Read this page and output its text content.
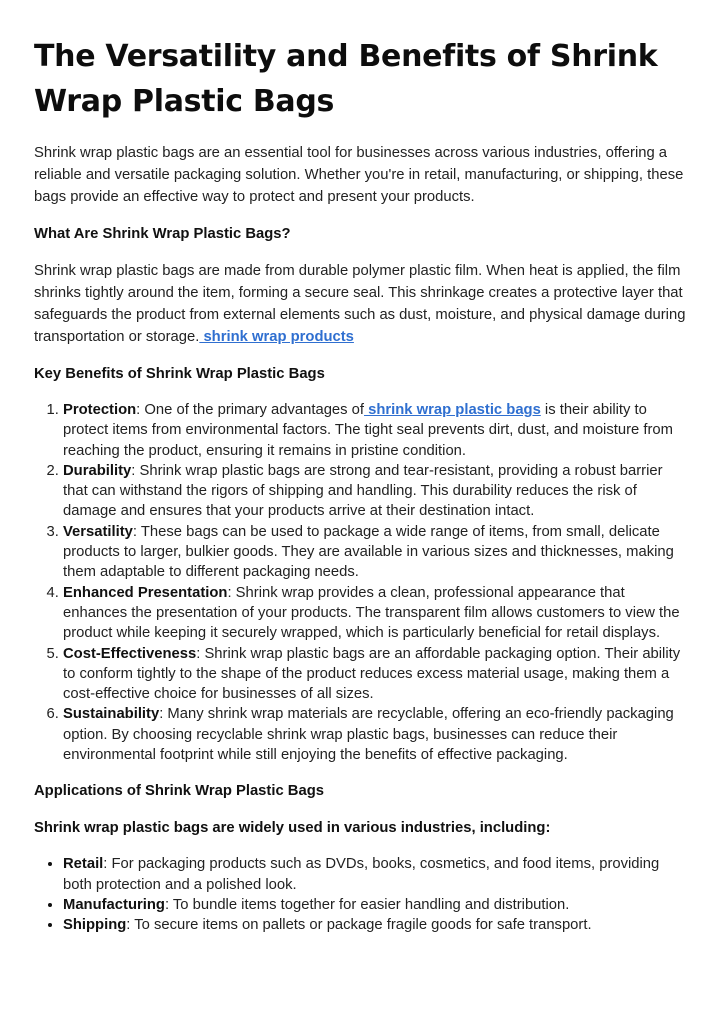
The Versatility and Benefits of Shrink Wrap Plastic Bags

Shrink wrap plastic bags are an essential tool for businesses across various industries, offering a reliable and versatile packaging solution. Whether you're in retail, manufacturing, or shipping, these bags provide an effective way to protect and present your products.

What Are Shrink Wrap Plastic Bags?

Shrink wrap plastic bags are made from durable polymer plastic film. When heat is applied, the film shrinks tightly around the item, forming a secure seal. This shrinkage creates a protective layer that safeguards the product from external elements such as dust, moisture, and physical damage during transportation or storage. shrink wrap products

Key Benefits of Shrink Wrap Plastic Bags
1. Protection: One of the primary advantages of shrink wrap plastic bags is their ability to protect items from environmental factors. The tight seal prevents dirt, dust, and moisture from reaching the product, ensuring it remains in pristine condition.
2. Durability: Shrink wrap plastic bags are strong and tear-resistant, providing a robust barrier that can withstand the rigors of shipping and handling. This durability reduces the risk of damage and ensures that your products arrive at their destination intact.
3. Versatility: These bags can be used to package a wide range of items, from small, delicate products to larger, bulkier goods. They are available in various sizes and thicknesses, making them adaptable to different packaging needs.
4. Enhanced Presentation: Shrink wrap provides a clean, professional appearance that enhances the presentation of your products. The transparent film allows customers to view the product while keeping it securely wrapped, which is particularly beneficial for retail displays.
5. Cost-Effectiveness: Shrink wrap plastic bags are an affordable packaging option. Their ability to conform tightly to the shape of the product reduces excess material usage, making them a cost-effective choice for businesses of all sizes.
6. Sustainability: Many shrink wrap materials are recyclable, offering an eco-friendly packaging option. By choosing recyclable shrink wrap plastic bags, businesses can reduce their environmental footprint while still enjoying the benefits of effective packaging.
Applications of Shrink Wrap Plastic Bags
Shrink wrap plastic bags are widely used in various industries, including:
• Retail: For packaging products such as DVDs, books, cosmetics, and food items, providing both protection and a polished look.
• Manufacturing: To bundle items together for easier handling and distribution.
• Shipping: To secure items on pallets or package fragile goods for safe transport.
